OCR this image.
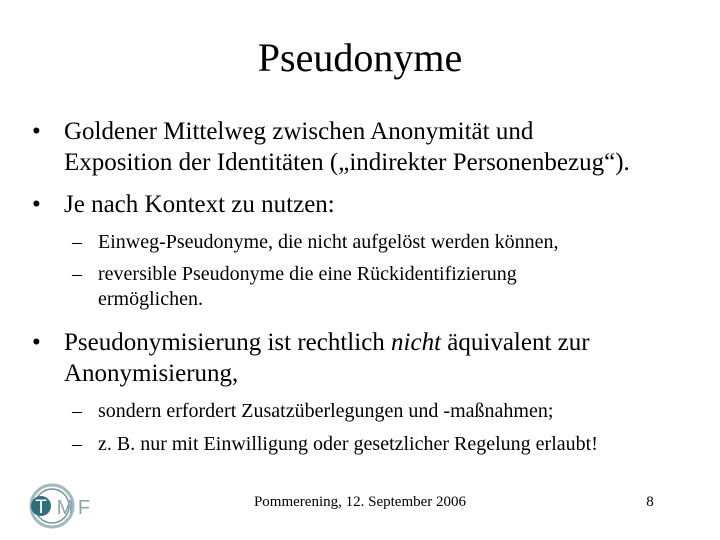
Pseudonyme
• Goldener Mittelweg zwischen Anonymität und
Exposition der Identitäten („indirekter Personenbezug“).
• Je nach Kontext zu nutzen:
– Einweg-Pseudonyme, die nicht aufgelöst werden können,
– reversible Pseudonyme die eine Rückidentifizierung
ermöglichen.
• Pseudonymisierung ist rechtlich nicht äquivalent zur
Anonymisierung,
– sondern erfordert Zusatzüberlegungen und -maßnahmen;
– z. B. nur mit Einwilligung oder gesetzlicher Regelung erlaubt!
T M F	Pommerening, 12. September 2006	8
